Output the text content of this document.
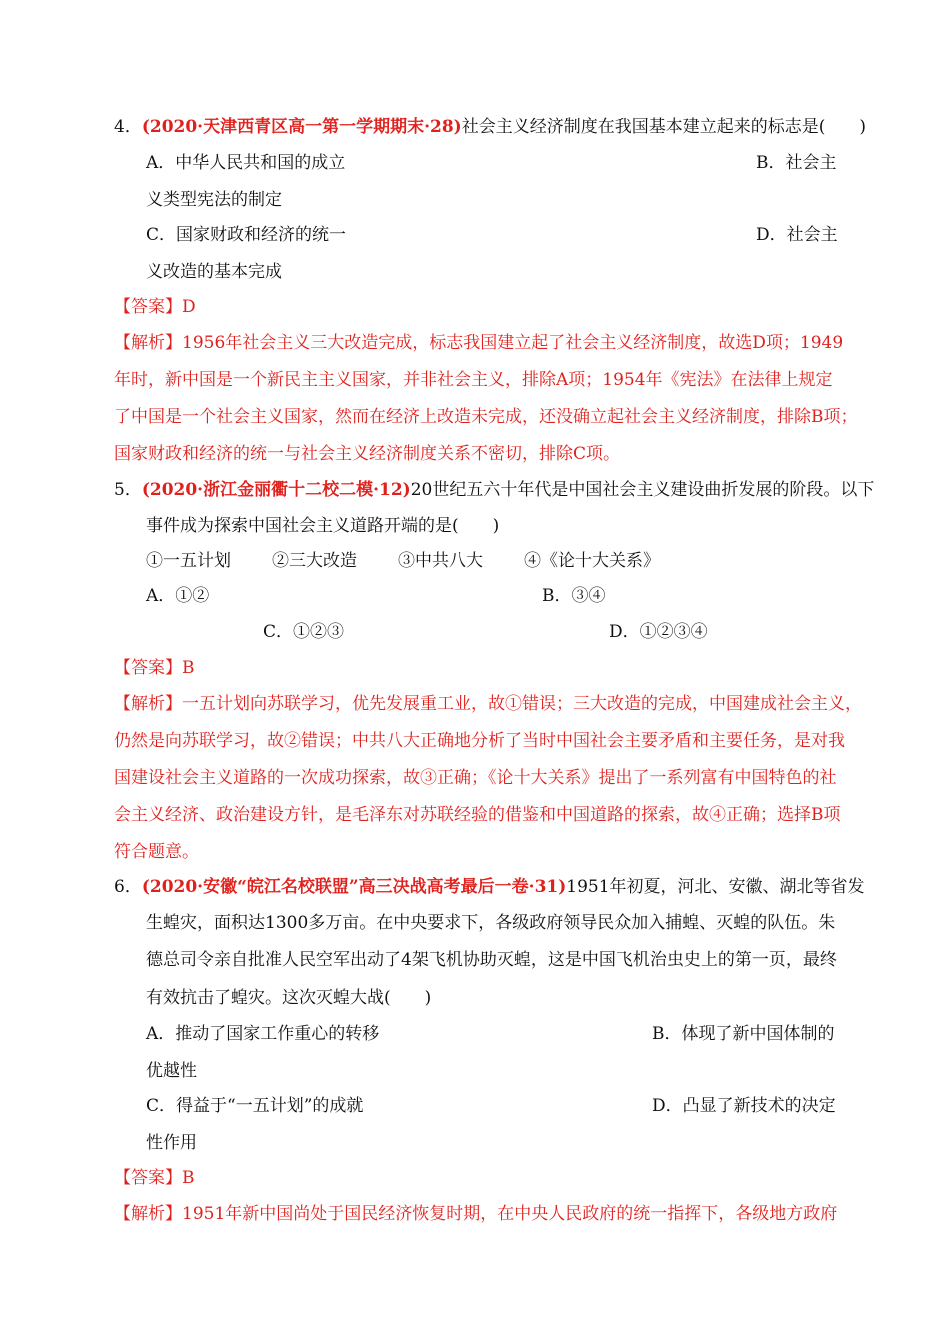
4．(2020·天津西青区高一第一学期期末·28)社会主义经济制度在我国基本建立起来的标志是(　　)
A．中华人民共和国的成立	B．社会主
义类型宪法的制定
C．国家财政和经济的统一	D．社会主
义改造的基本完成
【答案】D
【解析】1956年社会主义三大改造完成，标志我国建立起了社会主义经济制度，故选D项；1949
年时，新中国是一个新民主主义国家，并非社会主义，排除A项；1954年《宪法》在法律上规定
了中国是一个社会主义国家，然而在经济上改造未完成，还没确立起社会主义经济制度，排除B项；
国家财政和经济的统一与社会主义经济制度关系不密切，排除C项。
5．(2020·浙江金丽衢十二校二模·12)20世纪五六十年代是中国社会主义建设曲折发展的阶段。以下
事件成为探索中国社会主义道路开端的是(　　)
①一五计划 ②三大改造 ③中共八大 ④《论十大关系》
A．①②	B．③④
C．①②③	D．①②③④
【答案】B
【解析】一五计划向苏联学习，优先发展重工业，故①错误；三大改造的完成，中国建成社会主义，
仍然是向苏联学习，故②错误；中共八大正确地分析了当时中国社会主要矛盾和主要任务，是对我
国建设社会主义道路的一次成功探索，故③正确；《论十大关系》提出了一系列富有中国特色的社
会主义经济、政治建设方针，是毛泽东对苏联经验的借鉴和中国道路的探索，故④正确；选择B项
符合题意。
6．(2020·安徽“皖江名校联盟”高三决战高考最后一卷·31)1951年初夏，河北、安徽、湖北等省发
生蝗灾，面积达1300多万亩。在中央要求下，各级政府领导民众加入捕蝗、灭蝗的队伍。朱
德总司令亲自批准人民空军出动了4架飞机协助灭蝗，这是中国飞机治虫史上的第一页，最终
有效抗击了蝗灾。这次灭蝗大战(　　)
A．推动了国家工作重心的转移	B．体现了新中国体制的
优越性
C．得益于“一五计划”的成就	D．凸显了新技术的决定
性作用
【答案】B
【解析】1951年新中国尚处于国民经济恢复时期，在中央人民政府的统一指挥下，各级地方政府
